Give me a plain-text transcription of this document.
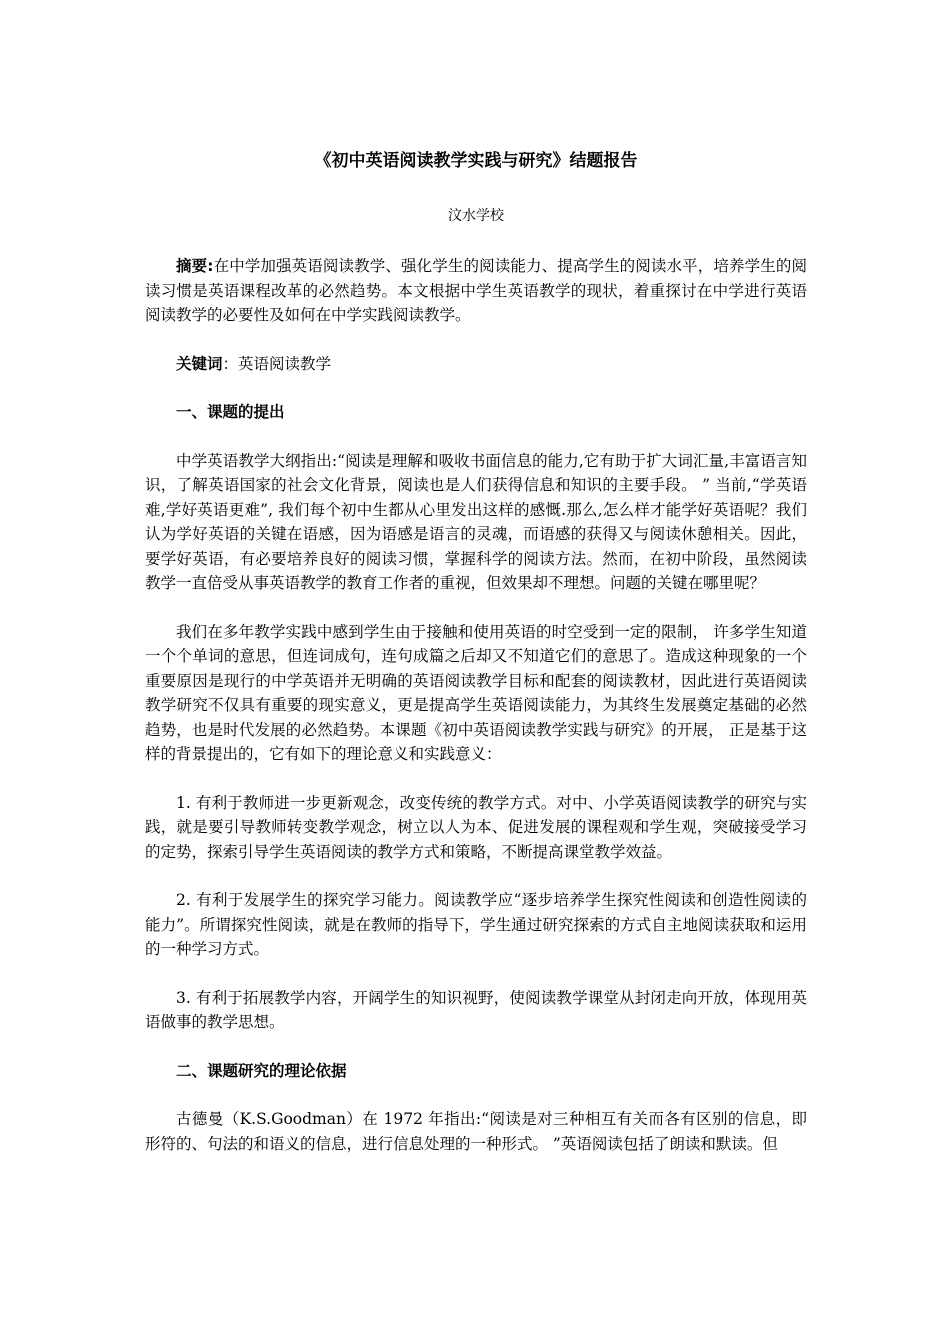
《初中英语阅读教学实践与研究》结题报告
汶水学校

摘要:在中学加强英语阅读教学、强化学生的阅读能力、提高学生的阅读水平，培养学生的阅读习惯是英语课程改革的必然趋势。本文根据中学生英语教学的现状，着重探讨在中学进行英语阅读教学的必要性及如何在中学实践阅读教学。

关键词：英语阅读教学

一、课题的提出

中学英语教学大纲指出:“阅读是理解和吸收书面信息的能力,它有助于扩大词汇量,丰富语言知识，了解英语国家的社会文化背景，阅读也是人们获得信息和知识的主要手段。 ” 当前,“学英语难,学好英语更难”, 我们每个初中生都从心里发出这样的感慨.那么,怎么样才能学好英语呢？我们认为学好英语的关键在语感，因为语感是语言的灵魂，而语感的获得又与阅读休憩相关。因此，要学好英语，有必要培养良好的阅读习惯，掌握科学的阅读方法。然而，在初中阶段，虽然阅读教学一直倍受从事英语教学的教育工作者的重视，但效果却不理想。问题的关键在哪里呢？

我们在多年教学实践中感到学生由于接触和使用英语的时空受到一定的限制， 许多学生知道一个个单词的意思，但连词成句，连句成篇之后却又不知道它们的意思了。造成这种现象的一个重要原因是现行的中学英语并无明确的英语阅读教学目标和配套的阅读教材，因此进行英语阅读教学研究不仅具有重要的现实意义，更是提高学生英语阅读能力，为其终生发展奠定基础的必然趋势，也是时代发展的必然趋势。本课题《初中英语阅读教学实践与研究》的开展， 正是基于这样的背景提出的，它有如下的理论意义和实践意义：

1. 有利于教师进一步更新观念，改变传统的教学方式。对中、小学英语阅读教学的研究与实践，就是要引导教师转变教学观念，树立以人为本、促进发展的课程观和学生观，突破接受学习的定势，探索引导学生英语阅读的教学方式和策略，不断提高课堂教学效益。

2. 有利于发展学生的探究学习能力。阅读教学应“逐步培养学生探究性阅读和创造性阅读的能力”。所谓探究性阅读，就是在教师的指导下，学生通过研究探索的方式自主地阅读获取和运用的一种学习方式。

3. 有利于拓展教学内容，开阔学生的知识视野，使阅读教学课堂从封闭走向开放，体现用英语做事的教学思想。

二、课题研究的理论依据

古德曼（K.S.Goodman）在 1972 年指出:“阅读是对三种相互有关而各有区别的信息，即形符的、句法的和语义的信息，进行信息处理的一种形式。 ”英语阅读包括了朗读和默读。但
